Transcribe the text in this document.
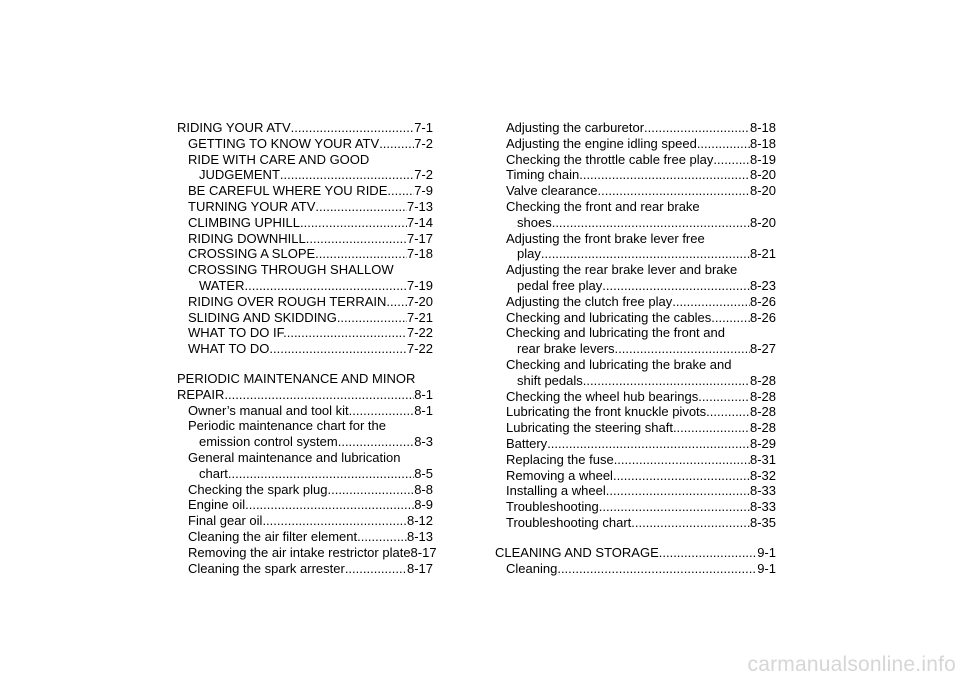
RIDING YOUR ATV .....	7-1
GETTING TO KNOW YOUR ATV .....	7-2
RIDE WITH CARE AND GOOD
JUDGEMENT .....	7-2
BE CAREFUL WHERE YOU RIDE ..... 7-9
TURNING YOUR ATV .....	7-13
CLIMBING UPHILL .....	7-14
RIDING DOWNHILL .....	7-17
CROSSING A SLOPE .....	7-18
CROSSING THROUGH SHALLOW
WATER .....	7-19
RIDING OVER ROUGH TERRAIN ..... 7-20
SLIDING AND SKIDDING .....	7-21
WHAT TO DO IF... .....	7-22
WHAT TO DO... .....	7-22
PERIODIC MAINTENANCE AND MINOR
REPAIR .....	8-1
Owner’s manual and tool kit .....	8-1
Periodic maintenance chart for the
emission control system .....	8-3
General maintenance and lubrication
chart .....	8-5
Checking the spark plug .....	8-8
Engine oil .....	8-9
Final gear oil .....	8-12
Cleaning the air filter element .....	8-13
Removing the air intake restrictor plate 8-17
Cleaning the spark arrester .....	8-17
Adjusting the carburetor .....	8-18
Adjusting the engine idling speed .....	8-18
Checking the throttle cable free play .....	8-19
Timing chain .....	8-20
Valve clearance .....	8-20
Checking the front and rear brake
shoes .....	8-20
Adjusting the front brake lever free
play .....	8-21
Adjusting the rear brake lever and brake
pedal free play .....	8-23
Adjusting the clutch free play .....	8-26
Checking and lubricating the cables .....	8-26
Checking and lubricating the front and
rear brake levers .....	8-27
Checking and lubricating the brake and
shift pedals .....	8-28
Checking the wheel hub bearings .....	8-28
Lubricating the front knuckle pivots .....	8-28
Lubricating the steering shaft .....	8-28
Battery .....	8-29
Replacing the fuse .....	8-31
Removing a wheel .....	8-32
Installing a wheel .....	8-33
Troubleshooting .....	8-33
Troubleshooting chart .....	8-35
CLEANING AND STORAGE .....	9-1
Cleaning .....	9-1
carmanualsonline.info
